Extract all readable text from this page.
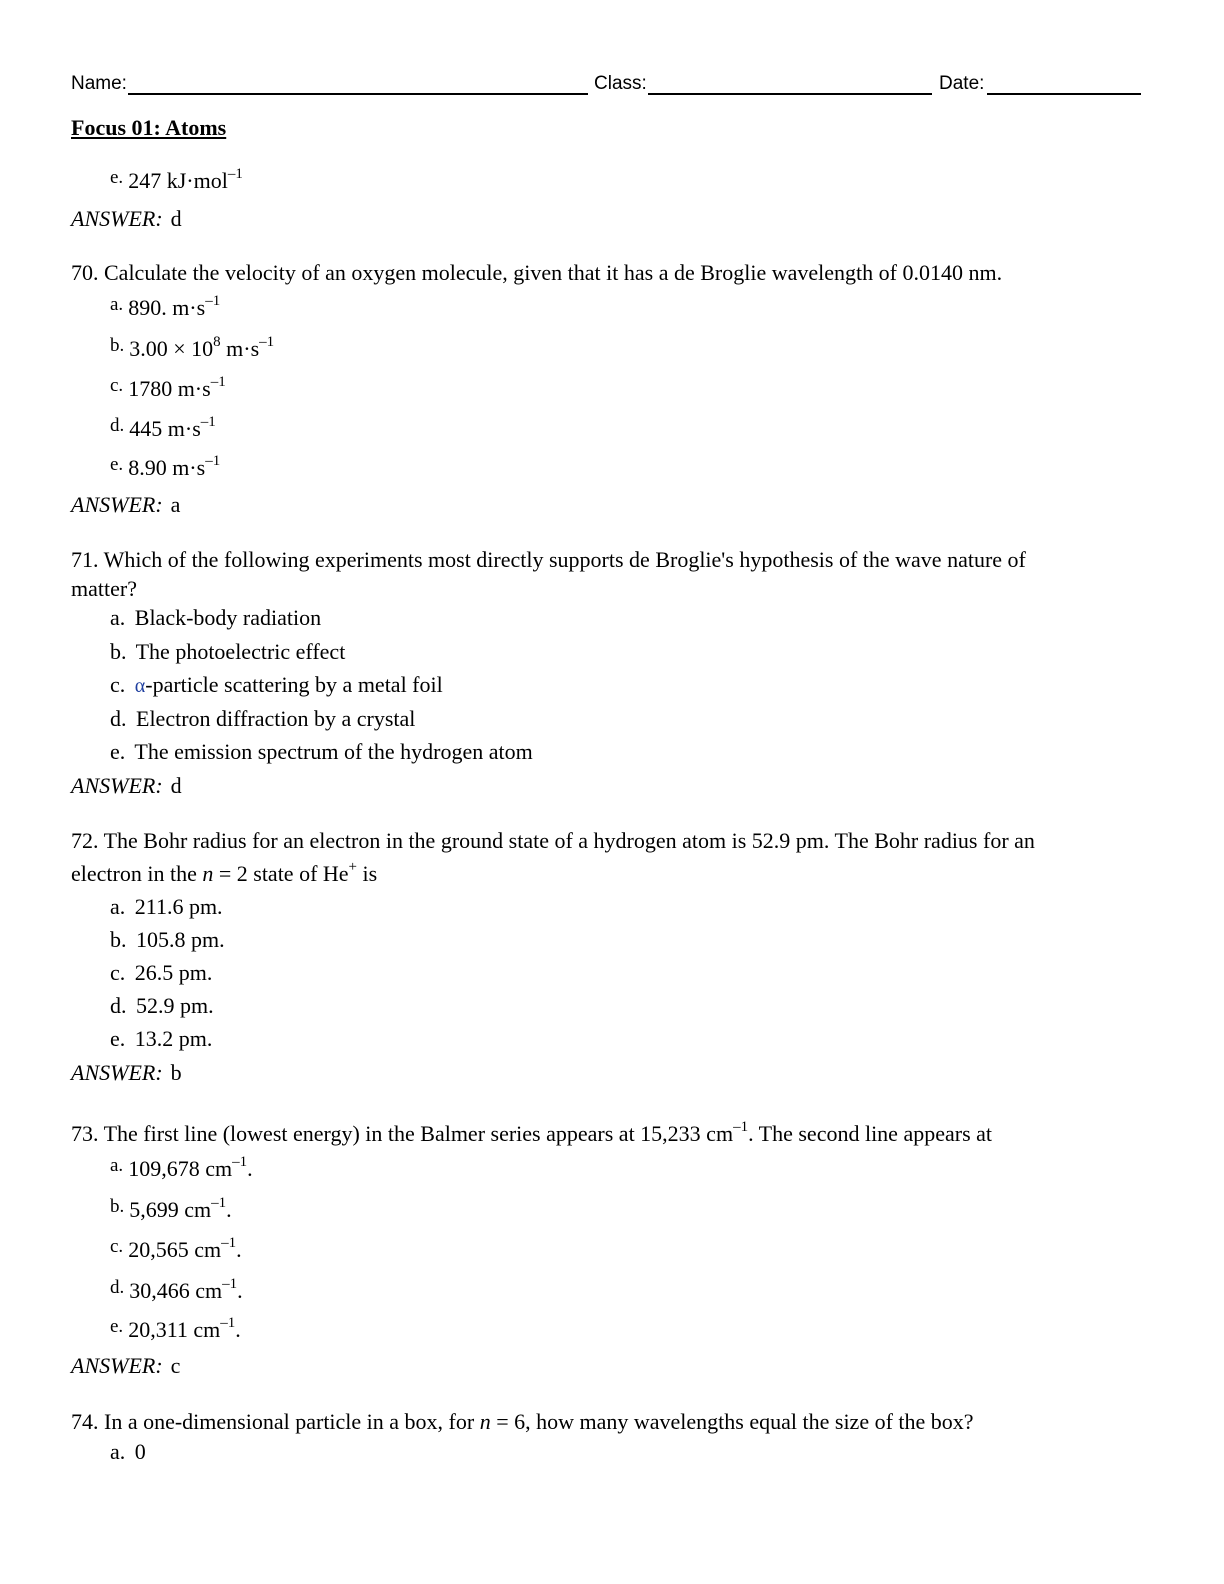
Name:	Class:	Date:
Focus 01: Atoms
e. 247 kJ·mol$^{-1}$
ANSWER: d
70. Calculate the velocity of an oxygen molecule, given that it has a de Broglie wavelength of 0.0140 nm.
a. 890. $m\cdot s^{-1}$
b. $3.00 \times 10^8$ $m\cdot s^{-1}$
c. 1780 $m\cdot s^{-1}$
d. 445 $m\cdot s^{-1}$
e. 8.90 $m\cdot s^{-1}$
ANSWER: a
71. Which of the following experiments most directly supports de Broglie's hypothesis of the wave nature of
matter?
a. Black-body radiation
b. The photoelectric effect
c. α-particle scattering by a metal foil
d. Electron diffraction by a crystal
e. The emission spectrum of the hydrogen atom
ANSWER: d
72. The Bohr radius for an electron in the ground state of a hydrogen atom is 52.9 pm. The Bohr radius for an
electron in the n = 2 state of He+ is
a. 211.6 pm.
b. 105.8 pm.
c. 26.5 pm.
d. 52.9 pm.
e. 13.2 pm.
ANSWER: b
73. The first line (lowest energy) in the Balmer series appears at 15,233 $cm^{-1}$. The second line appears at
a. 109,678 $cm^{-1}$.
b. 5,699 $cm^{-1}$.
c. 20,565 $cm^{-1}$.
d. 30,466 $cm^{-1}$.
e. 20,311 $cm^{-1}$.
ANSWER: c
74. In a one-dimensional particle in a box, for n = 6, how many wavelengths equal the size of the box?
a. 0
